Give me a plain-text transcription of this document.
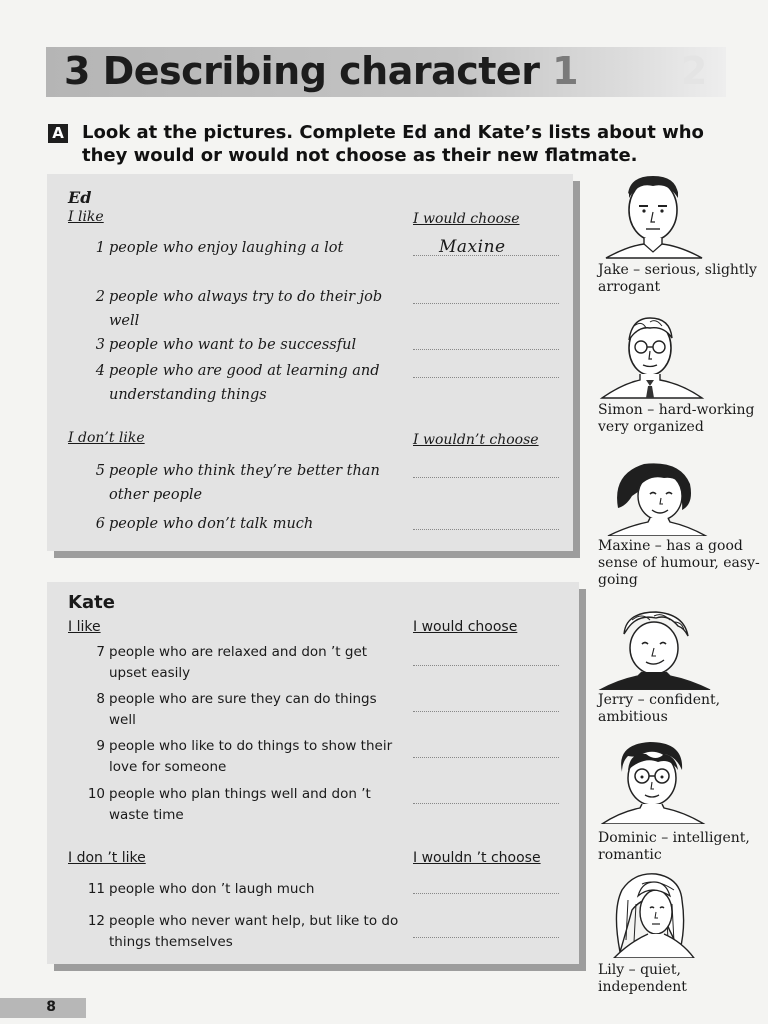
3 Describing character 1	2
A Look at the pictures. Complete Ed and Kate’s lists about who they would or would not choose as their new flatmate.
Ed
I like	I would choose
1 people who enjoy laughing a lot	Maxine
2 people who always try to do their job well
3 people who want to be successful
4 people who are good at learning and understanding things
I don’t like	I wouldn’t choose
5 people who think they’re better than other people
6 people who don’t talk much
Kate
I like	I would choose
7 people who are relaxed and don ’t get upset easily
8 people who are sure they can do things well
9 people who like to do things to show their love for someone
10 people who plan things well and don ’t waste time
I don ’t like	I wouldn ’t choose
11 people who don ’t laugh much
12 people who never want help, but like to do things themselves
Jake – serious, slightly arrogant
Simon – hard-working very organized
Maxine – has a good sense of humour, easy-going
Jerry – confident, ambitious
Dominic – intelligent, romantic
Lily – quiet, independent
8
